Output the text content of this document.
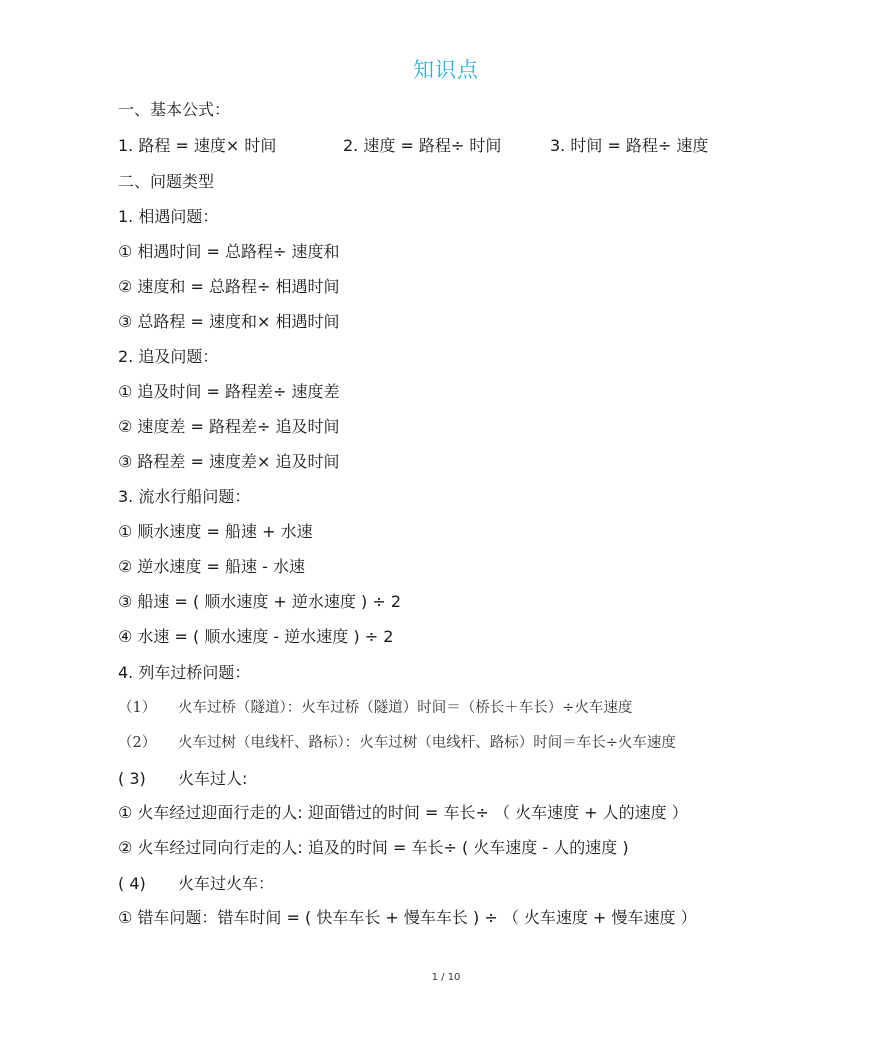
知识点
一、基本公式：
1. 路程 = 速度× 时间	2. 速度 = 路程÷ 时间	3. 时间 = 路程÷ 速度
二、问题类型
1. 相遇问题：
① 相遇时间 = 总路程÷ 速度和
② 速度和 = 总路程÷ 相遇时间
③ 总路程 = 速度和× 相遇时间
2. 追及问题：
① 追及时间 = 路程差÷ 速度差
② 速度差 = 路程差÷ 追及时间
③ 路程差 = 速度差× 追及时间
3. 流水行船问题：
① 顺水速度 = 船速 + 水速
② 逆水速度 = 船速 - 水速
③ 船速 = ( 顺水速度 + 逆水速度 ) ÷ 2
④ 水速 = ( 顺水速度 - 逆水速度 ) ÷ 2
4. 列车过桥问题：
（1） 火车过桥（隧道）：火车过桥（隧道）时间＝（桥长＋车长）÷火车速度
（2） 火车过树（电线杆、路标）：火车过树（电线杆、路标）时间＝车长÷火车速度
( 3) 火车过人:
① 火车经过迎面行走的人: 迎面错过的时间 = 车长÷ （ 火车速度 + 人的速度 ）
② 火车经过同向行走的人: 追及的时间 = 车长÷ ( 火车速度 - 人的速度 )
( 4) 火车过火车：
① 错车问题：错车时间 = ( 快车车长 + 慢车车长 ) ÷ （ 火车速度 + 慢车速度 ）
1 / 10
